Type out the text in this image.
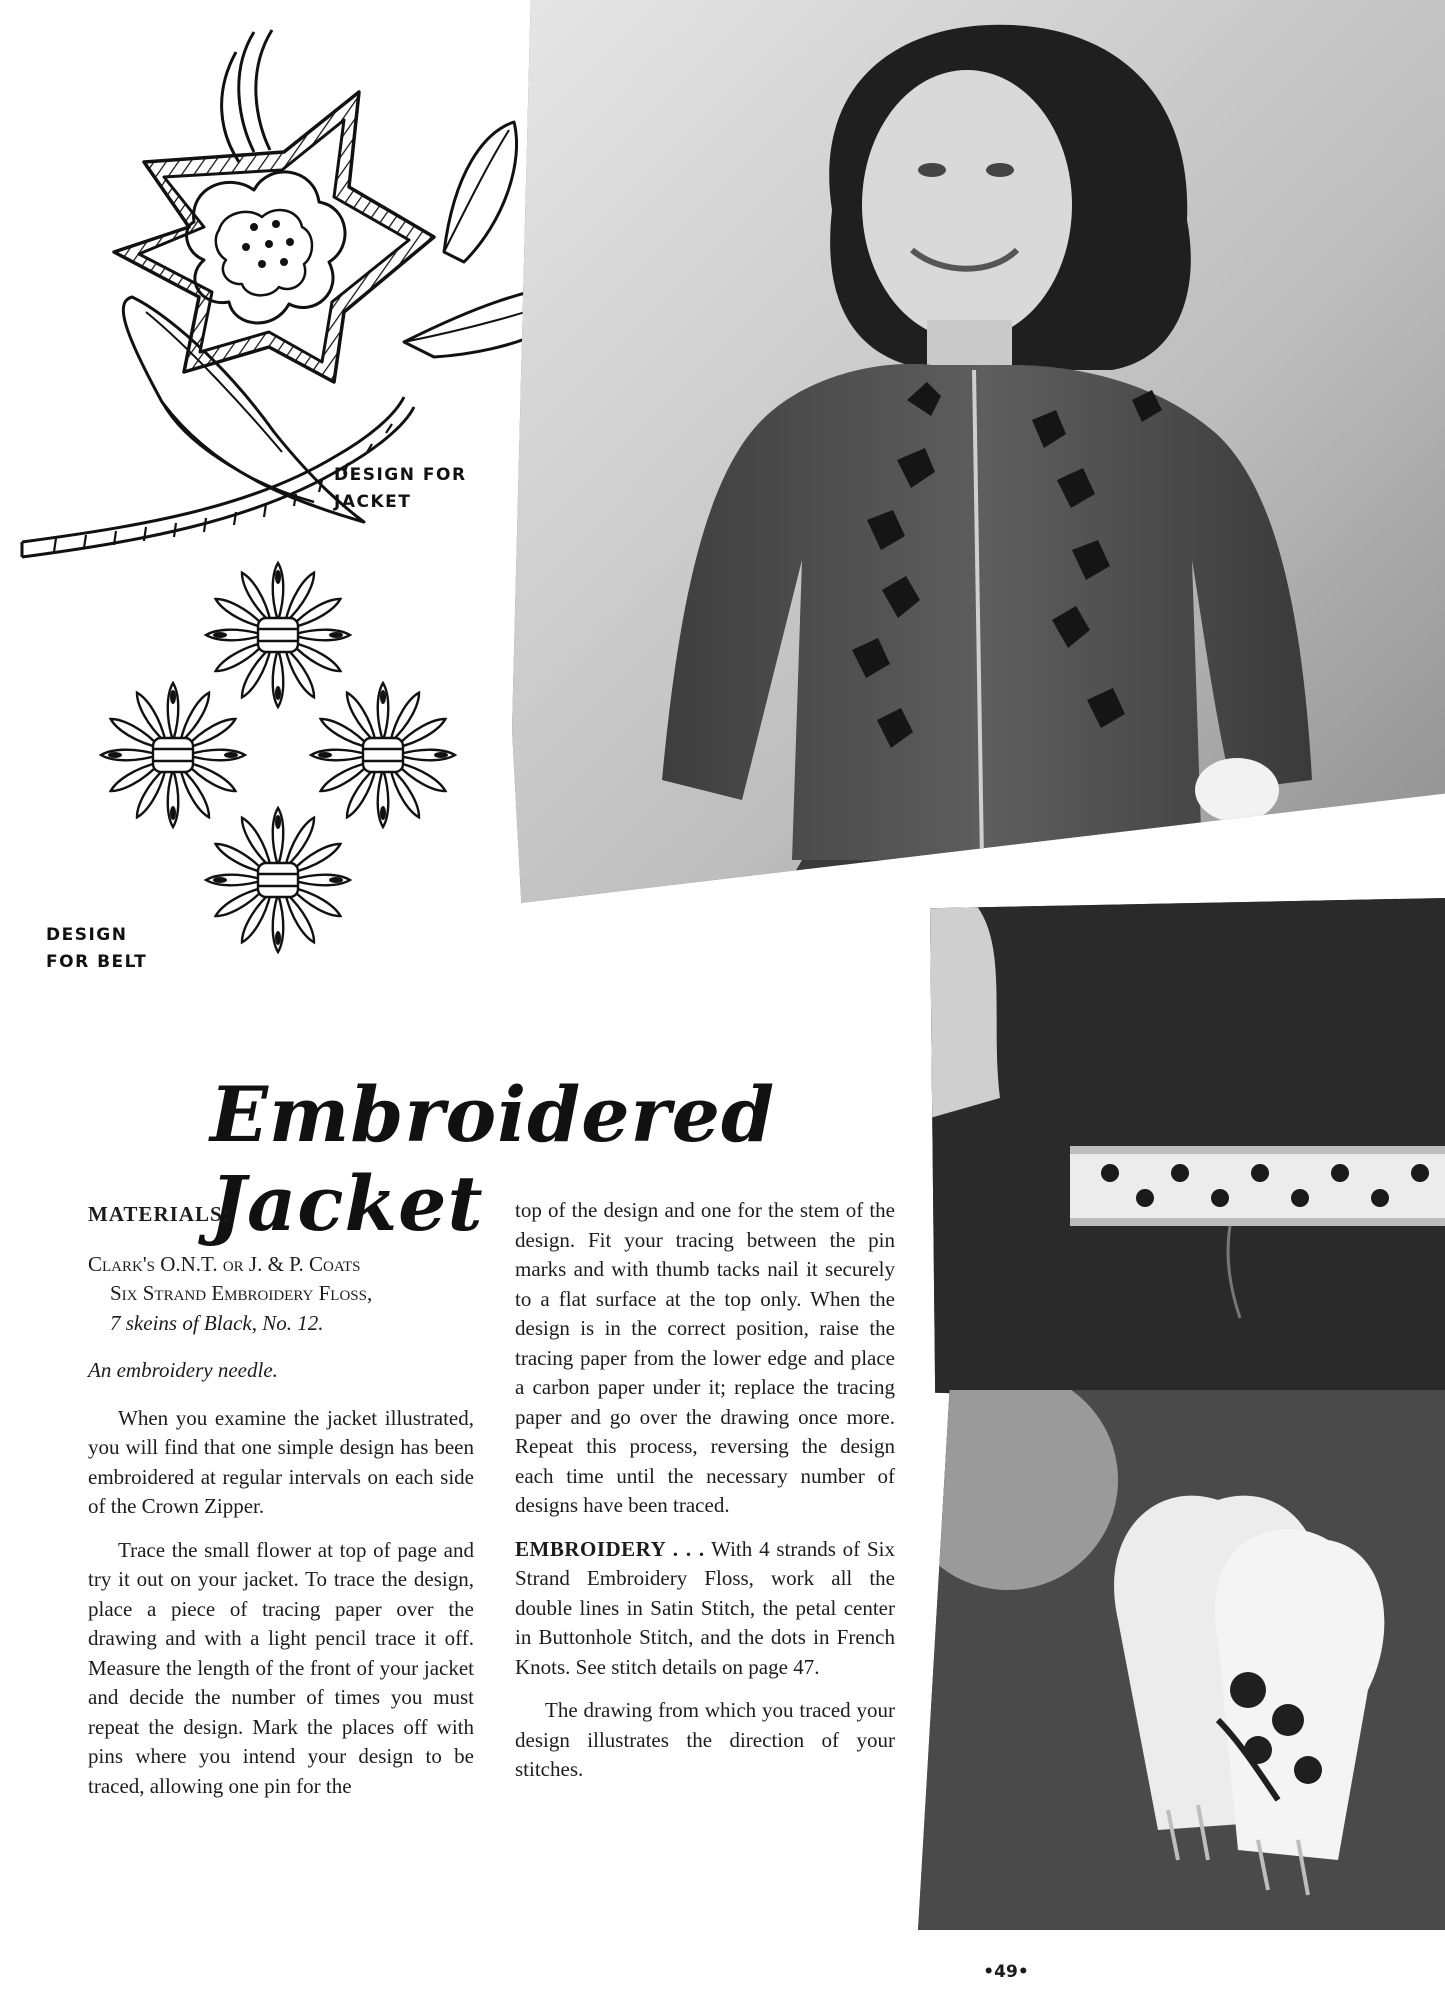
DESIGN FOR
JACKET
DESIGN
FOR BELT
Embroidered Jacket
MATERIALS:
Clark's O.N.T. or J. & P. Coats
Six Strand Embroidery Floss,
7 skeins of Black, No. 12.
An embroidery needle.
When you examine the jacket illustrated, you will find that one simple design has been embroidered at regular intervals on each side of the Crown Zipper.
Trace the small flower at top of page and try it out on your jacket. To trace the design, place a piece of tracing paper over the drawing and with a light pencil trace it off. Measure the length of the front of your jacket and decide the number of times you must repeat the design. Mark the places off with pins where you intend your design to be traced, allowing one pin for the
top of the design and one for the stem of the design. Fit your tracing between the pin marks and with thumb tacks nail it securely to a flat surface at the top only. When the design is in the correct position, raise the tracing paper from the lower edge and place a carbon paper under it; replace the tracing paper and go over the drawing once more. Repeat this process, reversing the design each time until the necessary number of designs have been traced.
EMBROIDERY . . . With 4 strands of Six Strand Embroidery Floss, work all the double lines in Satin Stitch, the petal center in Buttonhole Stitch, and the dots in French Knots. See stitch details on page 47.
The drawing from which you traced your design illustrates the direction of your stitches.
•49•
